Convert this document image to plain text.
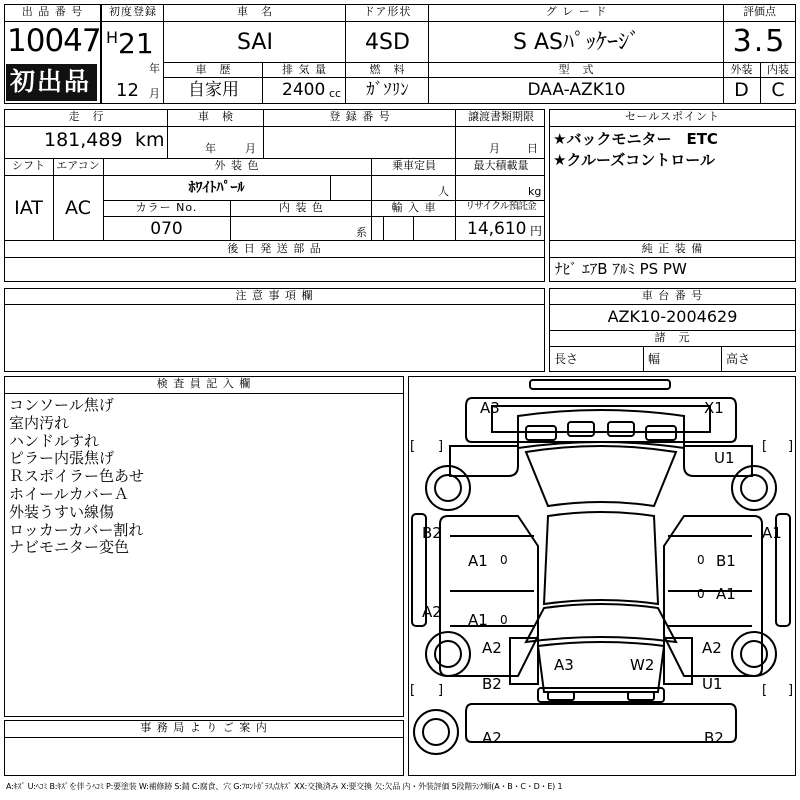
出 品 番 号
10047
初出品
初度登録
H 21
年
12 月
車　名
SAI
ドア形状
4SD
グ レ ー ド
S ASﾊﾟｯｹｰｼﾞ
評価点
3.5
外装	内装
D	C
車　歴
自家用
排 気 量
2400 cc
燃　料
ｶﾞｿﾘﾝ
型　式
DAA-AZK10
走　行
181,489 km
車　検
年	月
登 録 番 号	譲渡書類期限
月 日
シフト
IAT
エアコン
AC
外 装 色
ﾎﾜｲﾄﾊﾟｰﾙ
乗車定員
人
最大積載量
kg
カラー No.
070
内 装 色
系
輸 入 車	リサイクル預託金
14,610 円
後 日 発 送 部 品
セールスポイント
★バックモニター　ETC
★クルーズコントロール
純 正 装 備
ﾅﾋﾞ ｴｱB ｱﾙﾐ PS PW
注 意 事 項 欄	車 台 番 号
AZK10-2004629
諸　元
長さ	幅	高さ
検 査 員 記 入 欄
コンソール焦げ
室内汚れ
ハンドルすれ
ピラー内張焦げ
Ｒスポイラー色あせ
ホイールカバーＡ
外装うすい線傷
ロッカーカバー割れ
ナビモニター変色
事 務 局 よ り ご 案 内
A3	X1
U1
B2	A1
A1	B1
A1
A2 A1
A2	A2
A3	W2
B2	U1
A2	B2
0
0
0
0
[ ]	[ ]
[ ]	[ ]
A:ｷｽﾞ U:ﾍｺﾐ B:ｷｽﾞを伴うﾍｺﾐ P:要塗装 W:補修跡 S:錆 C:腐食、穴 G:ﾌﾛﾝﾄｶﾞﾗｽ点ｷｽﾞ XX:交換済み X:要交換 欠:欠品 内・外装評価 5段階ﾗﾝｸ順(A・B・C・D・E) 1
